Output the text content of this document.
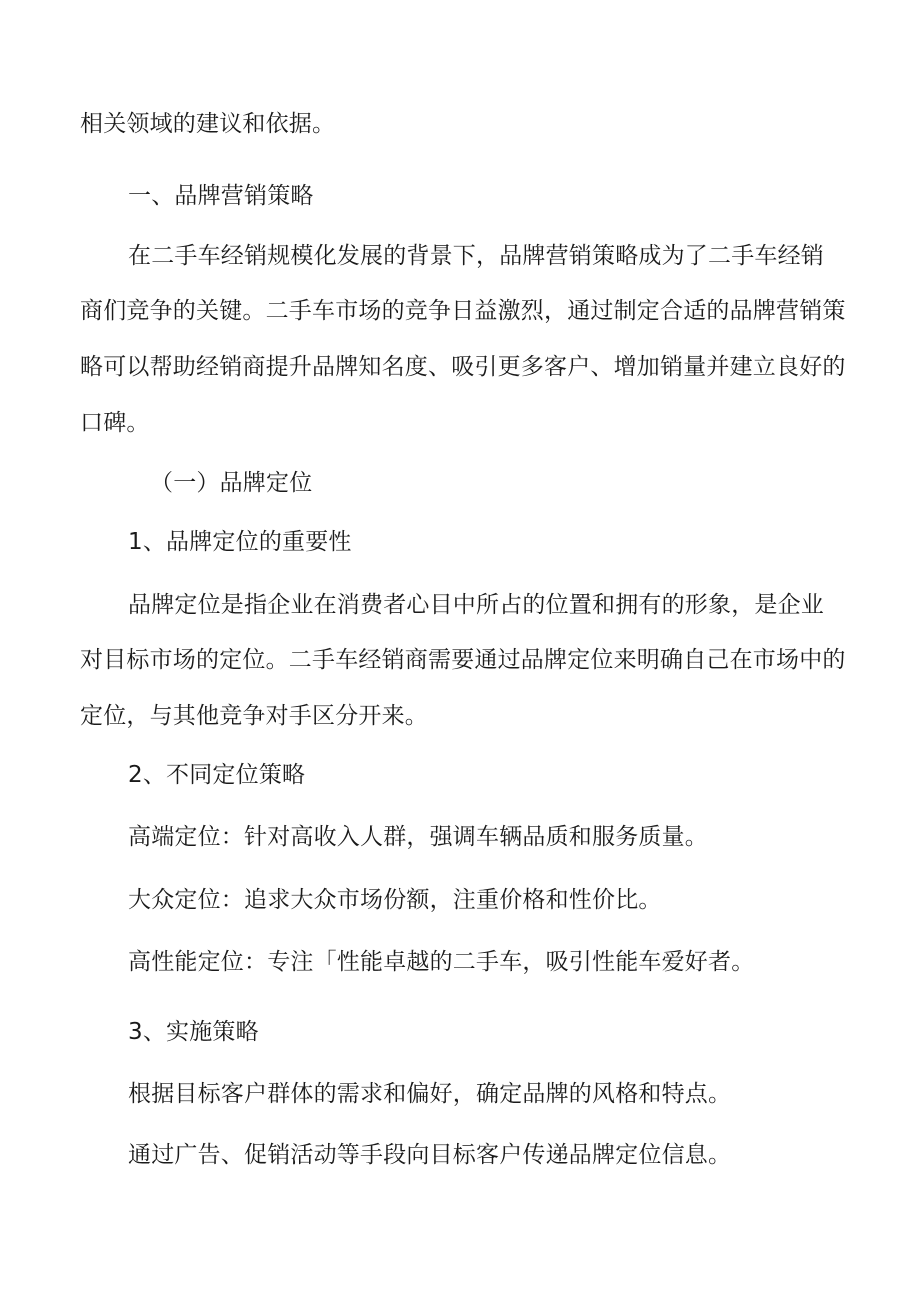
相关领域的建议和依据。
一、品牌营销策略
在二手车经销规模化发展的背景下，品牌营销策略成为了二手车经销
商们竞争的关键。二手车市场的竞争日益激烈，通过制定合适的品牌营销策
略可以帮助经销商提升品牌知名度、吸引更多客户、增加销量并建立良好的
口碑。
（一）品牌定位
1、品牌定位的重要性
品牌定位是指企业在消费者心目中所占的位置和拥有的形象，是企业
对目标市场的定位。二手车经销商需要通过品牌定位来明确自己在市场中的
定位，与其他竞争对手区分开来。
2、不同定位策略
高端定位：针对高收入人群，强调车辆品质和服务质量。
大众定位：追求大众市场份额，注重价格和性价比。
高性能定位：专注「性能卓越的二手车，吸引性能车爱好者。
3、实施策略
根据目标客户群体的需求和偏好，确定品牌的风格和特点。
通过广告、促销活动等手段向目标客户传递品牌定位信息。
